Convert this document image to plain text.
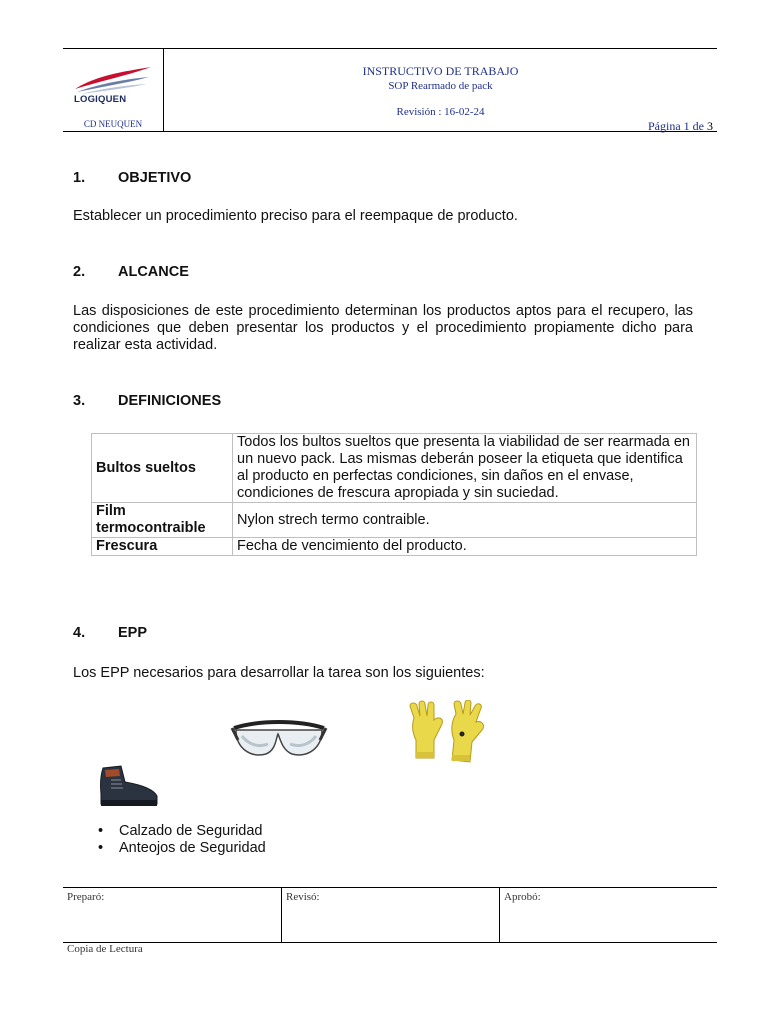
LOGIQUEN
CD NEUQUEN
INSTRUCTIVO DE TRABAJO
SOP Rearmado de pack
Revisión : 16-02-24
Página 1 de 3
1. OBJETIVO
Establecer un procedimiento preciso para el reempaque de producto.
2. ALCANCE
Las disposiciones de este procedimiento determinan los productos aptos para el recupero, las condiciones que deben presentar los productos y el procedimiento propiamente dicho para realizar esta actividad.
3. DEFINICIONES
Bultos sueltos	Todos los bultos sueltos que presenta la viabilidad de ser rearmada en un nuevo pack. Las mismas deberán poseer la etiqueta que identifica al producto en perfectas condiciones, sin daños en el envase, condiciones de frescura apropiada y sin suciedad.
Film termocontraible	Nylon strech termo contraible.
Frescura	Fecha de vencimiento del producto.
4. EPP
Los EPP necesarios para desarrollar la tarea son los siguientes:
• Calzado de Seguridad
• Anteojos de Seguridad
Preparó:	Revisó:	Aprobó:
Copia de Lectura
